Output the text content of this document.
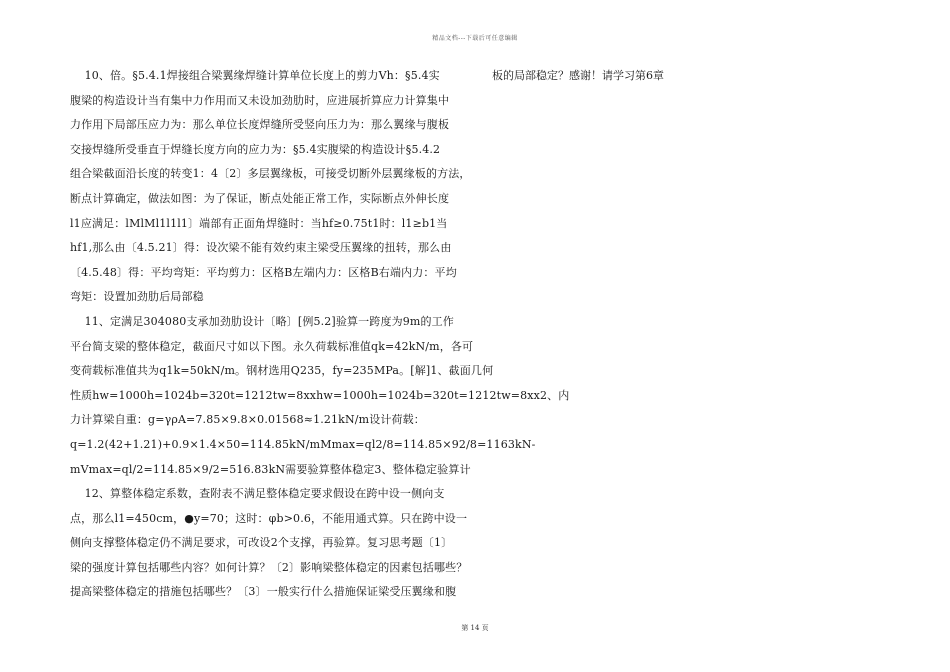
精品文档---下载后可任意编辑

10、倍。§5.4.1焊接组合梁翼缘焊缝计算单位长度上的剪力Vh：§5.4实

腹梁的构造设计当有集中力作用而又未设加劲肋时，应进展折算应力计算集中

力作用下局部压应力为：那么单位长度焊缝所受竖向压力为：那么翼缘与腹板

交接焊缝所受垂直于焊缝长度方向的应力为：§5.4实腹梁的构造设计§5.4.2

组合梁截面沿长度的转变1：4〔2〕多层翼缘板，可接受切断外层翼缘板的方法，

断点计算确定，做法如图：为了保证，断点处能正常工作，实际断点外伸长度

l1应满足：lMlMl1l1l1〕端部有正面角焊缝时：当hf≥0.75t1时：l1≥b1当

hf1,那么由〔4.5.21〕得：设次梁不能有效约束主梁受压翼缘的扭转，那么由

〔4.5.48〕得：平均弯矩：平均剪力：区格B左端内力：区格B右端内力：平均

弯矩：设置加劲肋后局部稳

11、定满足304080支承加劲肋设计〔略〕[例5.2]验算一跨度为9m的工作

平台简支梁的整体稳定，截面尺寸如以下图。永久荷载标准值qk=42kN/m，各可

变荷载标准值共为q1k=50kN/m。钢材选用Q235，fy=235MPa。[解]1、截面几何

性质hw=1000h=1024b=320t=1212tw=8xxhw=1000h=1024b=320t=1212tw=8xx2、内

力计算梁自重：g=γρA=7.85×9.8×0.01568≈1.21kN/m设计荷载：

q=1.2(42+1.21)+0.9×1.4×50=114.85kN/mMmax=ql2/8=114.85×92/8=1163kN-

mVmax=ql/2=114.85×9/2=516.83kN需要验算整体稳定3、整体稳定验算计

12、算整体稳定系数，查附表不满足整体稳定要求假设在跨中设一侧向支

点，那么l1=450cm，●y=70；这时：φb>0.6，不能用通式算。只在跨中设一

侧向支撑整体稳定仍不满足要求，可改设2个支撑，再验算。复习思考题〔1〕

梁的强度计算包括哪些内容？如何计算？〔2〕影响梁整体稳定的因素包括哪些？

提高梁整体稳定的措施包括哪些？〔3〕一般实行什么措施保证梁受压翼缘和腹

板的局部稳定？感谢！请学习第6章

第 14 页
